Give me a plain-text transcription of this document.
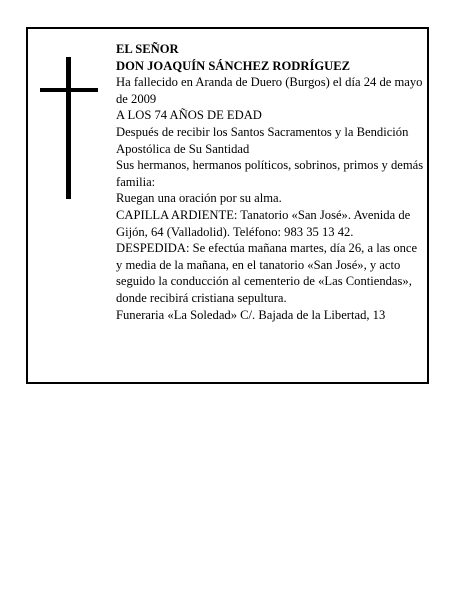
EL SEÑOR

DON JOAQUÍN SÁNCHEZ RODRÍGUEZ

Ha fallecido en Aranda de Duero (Burgos) el día 24 de mayo de 2009

A LOS 74 AÑOS DE EDAD

Después de recibir los Santos Sacramentos y la Bendición Apostólica de Su Santidad

Sus hermanos, hermanos políticos, sobrinos, primos y demás familia:

Ruegan una oración por su alma.

CAPILLA ARDIENTE: Tanatorio «San José». Avenida de Gijón, 64 (Valladolid). Teléfono: 983 35 13 42.

DESPEDIDA: Se efectúa mañana martes, día 26, a las once y media de la mañana, en el tanatorio «San José», y acto seguido la conducción al cementerio de «Las Contiendas», donde recibirá cristiana sepultura.

Funeraria «La Soledad» C/. Bajada de la Libertad, 13
